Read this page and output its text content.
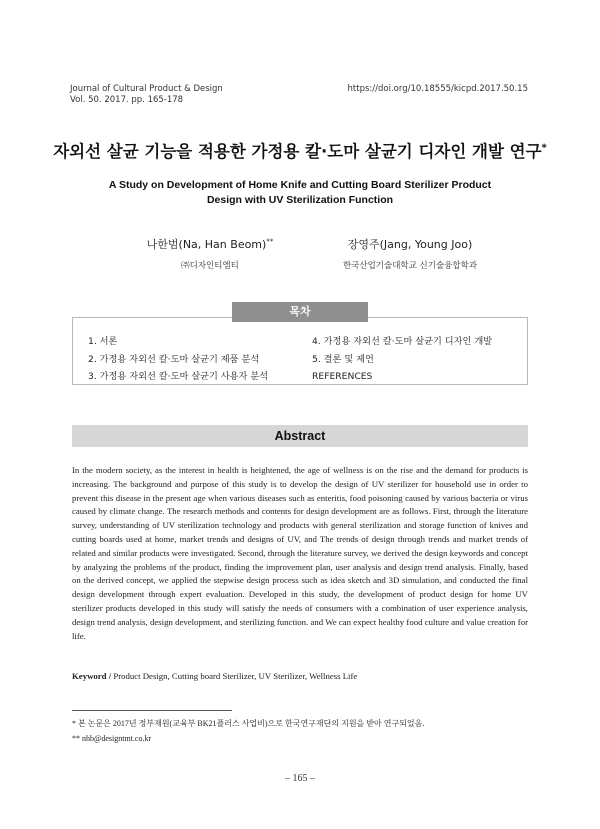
Journal of Cultural Product & Design
Vol. 50. 2017. pp. 165-178
https://doi.org/10.18555/kicpd.2017.50.15
자외선 살균 기능을 적용한 가정용 칼·도마 살균기 디자인 개발 연구*
A Study on Development of Home Knife and Cutting Board Sterilizer Product Design with UV Sterilization Function
나한범(Na, Han Beom)**
㈜디자인티엠티
장영주(Jang, Young Joo)
한국산업기술대학교 신기술융합학과
목차
1. 서론
2. 가정용 자외선 칼·도마 살균기 제품 분석
3. 가정용 자외선 칼·도마 살균기 사용자 분석
4. 가정용 자외선 칼·도마 살균기 디자인 개발
5. 결론 및 제언
REFERENCES
Abstract
In the modern society, as the interest in health is heightened, the age of wellness is on the rise and the demand for products is increasing. The background and purpose of this study is to develop the design of UV sterilizer for household use in order to prevent this disease in the present age when various diseases such as enteritis, food poisoning caused by various bacteria or virus caused by climate change. The research methods and contents for design development are as follows. First, through the literature survey, understanding of UV sterilization technology and products with general sterilization and storage function of knives and cutting boards used at home, market trends and designs of UV, and The trends of design through trends and market trends of related and similar products were investigated. Second, through the literature survey, we derived the design keywords and concept by analyzing the problems of the product, finding the improvement plan, user analysis and design trend analysis. Finally, based on the derived concept, we applied the stepwise design process such as idea sketch and 3D simulation, and conducted the final design development through expert evaluation. Developed in this study, the development of product design for home UV sterilizer products developed in this study will satisfy the needs of consumers with a combination of user experience analysis, design trend analysis, design development, and sterilizing function. and We can expect healthy food culture and value creation for life.
Keyword / Product Design, Cutting board Sterilizer, UV Sterilizer, Wellness Life
* 본 논문은 2017년 정부재원(교육부 BK21플러스 사업비)으로 한국연구재단의 지원을 받아 연구되었음.
** nhb@designtmt.co.kr
– 165 –
